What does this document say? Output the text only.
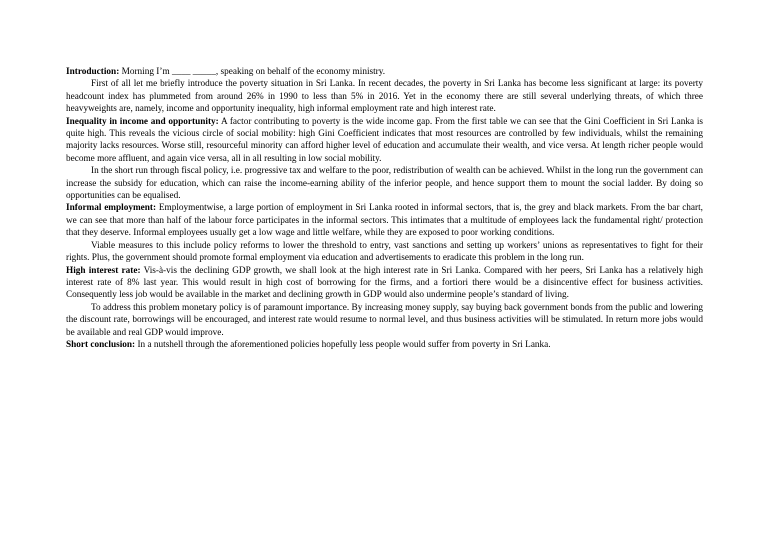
Introduction: Morning I’m ____ _____, speaking on behalf of the economy ministry.

First of all let me briefly introduce the poverty situation in Sri Lanka. In recent decades, the poverty in Sri Lanka has become less significant at large: its poverty headcount index has plummeted from around 26% in 1990 to less than 5% in 2016. Yet in the economy there are still several underlying threats, of which three heavyweights are, namely, income and opportunity inequality, high informal employment rate and high interest rate.

Inequality in income and opportunity: A factor contributing to poverty is the wide income gap. From the first table we can see that the Gini Coefficient in Sri Lanka is quite high. This reveals the vicious circle of social mobility: high Gini Coefficient indicates that most resources are controlled by few individuals, whilst the remaining majority lacks resources. Worse still, resourceful minority can afford higher level of education and accumulate their wealth, and vice versa. At length richer people would become more affluent, and again vice versa, all in all resulting in low social mobility.

In the short run through fiscal policy, i.e. progressive tax and welfare to the poor, redistribution of wealth can be achieved. Whilst in the long run the government can increase the subsidy for education, which can raise the income-earning ability of the inferior people, and hence support them to mount the social ladder. By doing so opportunities can be equalised.

Informal employment: Employmentwise, a large portion of employment in Sri Lanka rooted in informal sectors, that is, the grey and black markets. From the bar chart, we can see that more than half of the labour force participates in the informal sectors. This intimates that a multitude of employees lack the fundamental right/ protection that they deserve. Informal employees usually get a low wage and little welfare, while they are exposed to poor working conditions.

Viable measures to this include policy reforms to lower the threshold to entry, vast sanctions and setting up workers’ unions as representatives to fight for their rights. Plus, the government should promote formal employment via education and advertisements to eradicate this problem in the long run.

High interest rate: Vis-à-vis the declining GDP growth, we shall look at the high interest rate in Sri Lanka. Compared with her peers, Sri Lanka has a relatively high interest rate of 8% last year. This would result in high cost of borrowing for the firms, and a fortiori there would be a disincentive effect for business activities. Consequently less job would be available in the market and declining growth in GDP would also undermine people’s standard of living.

To address this problem monetary policy is of paramount importance. By increasing money supply, say buying back government bonds from the public and lowering the discount rate, borrowings will be encouraged, and interest rate would resume to normal level, and thus business activities will be stimulated. In return more jobs would be available and real GDP would improve.

Short conclusion: In a nutshell through the aforementioned policies hopefully less people would suffer from poverty in Sri Lanka.
